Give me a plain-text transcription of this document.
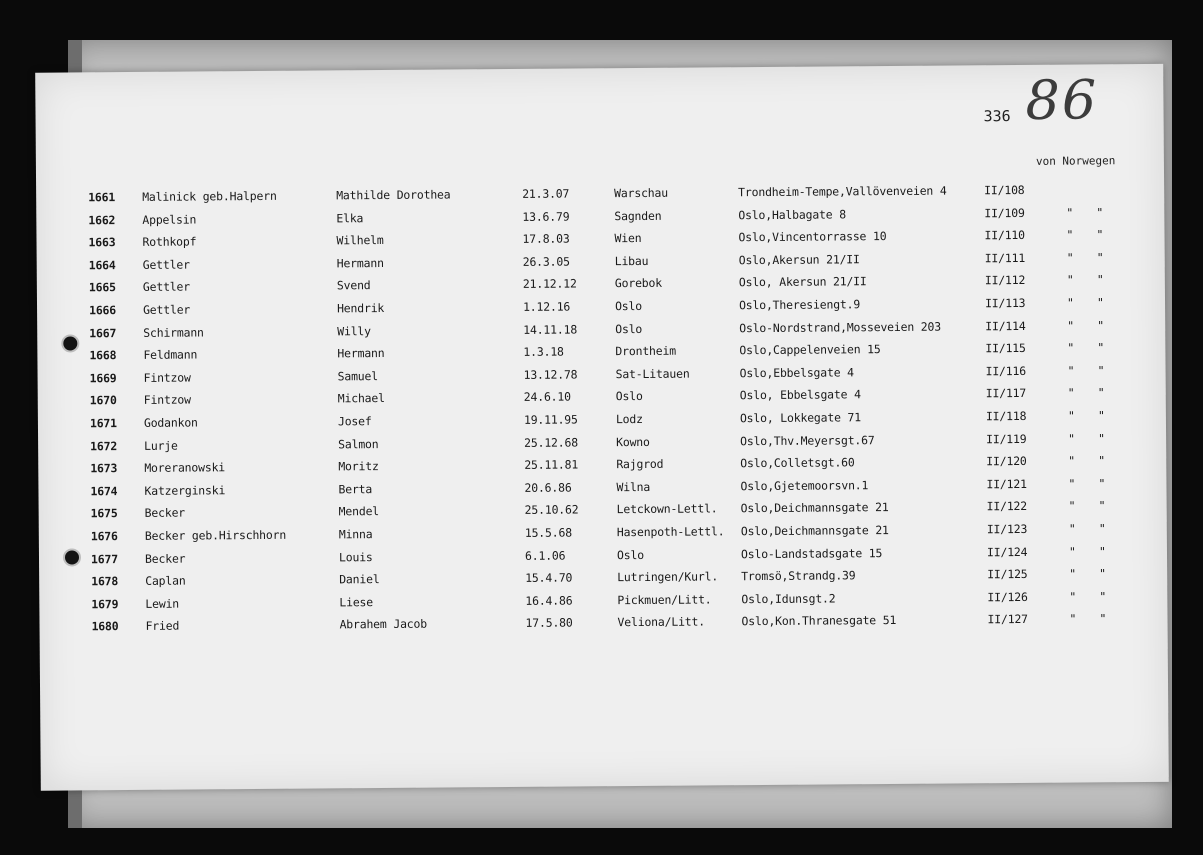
336 86
von Norwegen
1661 Malinick geb.Halpern	Mathilde Dorothea	21.3.07	Warschau	Trondheim-Tempe,Vallövenveien 4	II/108
1662 Appelsin	Elka	13.6.79	Sagnden	Oslo,Halbagate 8	II/109	" "
1663 Rothkopf	Wilhelm	17.8.03	Wien	Oslo,Vincentorrasse 10	II/110	" "
1664 Gettler	Hermann	26.3.05	Libau	Oslo,Akersun 21/II	II/111	" "
1665 Gettler	Svend	21.12.12	Gorebok	Oslo, Akersun 21/II	II/112	" "
1666 Gettler	Hendrik	1.12.16	Oslo	Oslo,Theresiengt.9	II/113	" "
1667 Schirmann	Willy	14.11.18	Oslo	Oslo-Nordstrand,Mosseveien 203	II/114	" "
1668 Feldmann	Hermann	1.3.18	Drontheim	Oslo,Cappelenveien 15	II/115	" "
1669 Fintzow	Samuel	13.12.78	Sat-Litauen	Oslo,Ebbelsgate 4	II/116	" "
1670 Fintzow	Michael	24.6.10	Oslo	Oslo, Ebbelsgate 4	II/117	" "
1671 Godankon	Josef	19.11.95	Lodz	Oslo, Lokkegate 71	II/118	" "
1672 Lurje	Salmon	25.12.68	Kowno	Oslo,Thv.Meyersgt.67	II/119	" "
1673 Moreranowski	Moritz	25.11.81	Rajgrod	Oslo,Colletsgt.60	II/120	" "
1674 Katzerginski	Berta	20.6.86	Wilna	Oslo,Gjetemoorsvn.1	II/121	" "
1675 Becker	Mendel	25.10.62	Letckown-Lettl. Oslo,Deichmannsgate 21	II/122	" "
1676 Becker geb.Hirschhorn	Minna	15.5.68	Hasenpoth-Lettl. Oslo,Deichmannsgate 21	II/123	" "
1677 Becker	Louis	6.1.06	Oslo	Oslo-Landstadsgate 15	II/124	" "
1678 Caplan	Daniel	15.4.70	Lutringen/Kurl. Tromsö,Strandg.39	II/125	" "
1679 Lewin	Liese	16.4.86	Pickmuen/Litt.	Oslo,Idunsgt.2	II/126	" "
1680 Fried	Abrahem Jacob	17.5.80	Veliona/Litt.	Oslo,Kon.Thranesgate 51	II/127	" "
